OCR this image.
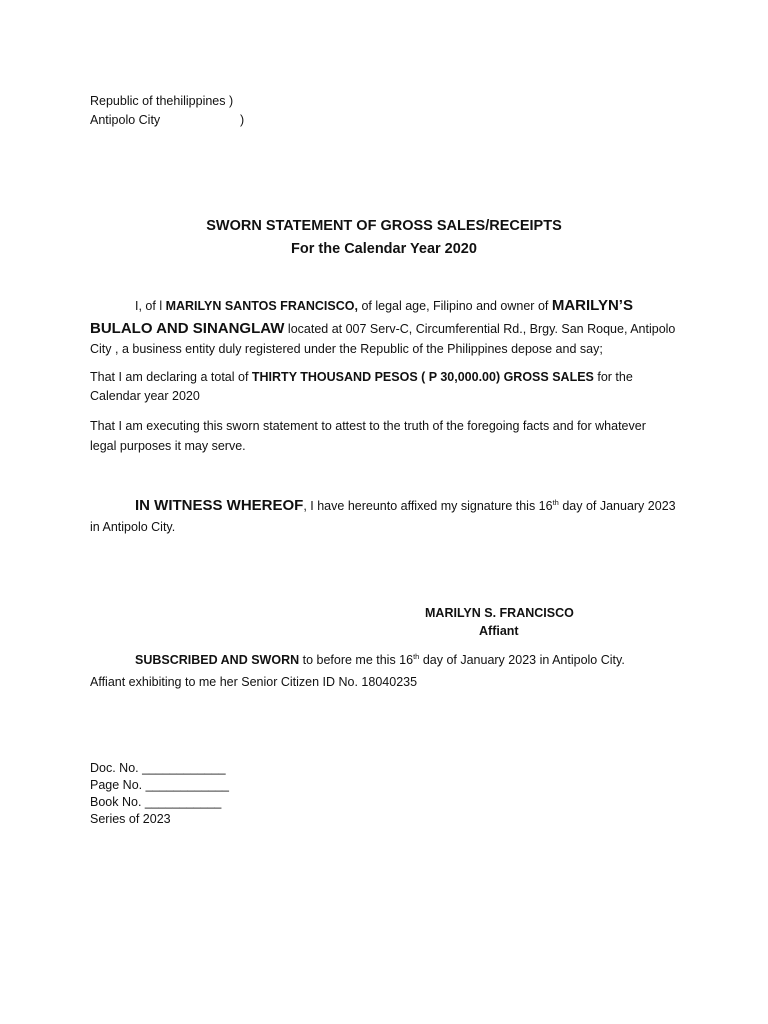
Republic of thehilippines )
Antipolo City	)
SWORN STATEMENT OF GROSS SALES/RECEIPTS
For the Calendar Year 2020
I, of l MARILYN SANTOS FRANCISCO, of legal age, Filipino and owner of MARILYN’S
BULALO AND SINANGLAW located at 007 Serv-C, Circumferential Rd., Brgy. San Roque, Antipolo
City , a business entity duly registered under the Republic of the Philippines depose and say;
That I am declaring a total of THIRTY THOUSAND PESOS ( P 30,000.00) GROSS SALES for the
Calendar year 2020
That I am executing this sworn statement to attest to the truth of the foregoing facts and for whatever
legal purposes it may serve.
IN WITNESS WHEREOF, I have hereunto affixed my signature this 16th day of January 2023
in Antipolo City.
MARILYN S. FRANCISCO
Affiant
SUBSCRIBED AND SWORN to before me this 16th day of January 2023 in Antipolo City.
Affiant exhibiting to me her Senior Citizen ID No. 18040235
Doc. No. ____________
Page No. ____________
Book No. ___________
Series of 2023
